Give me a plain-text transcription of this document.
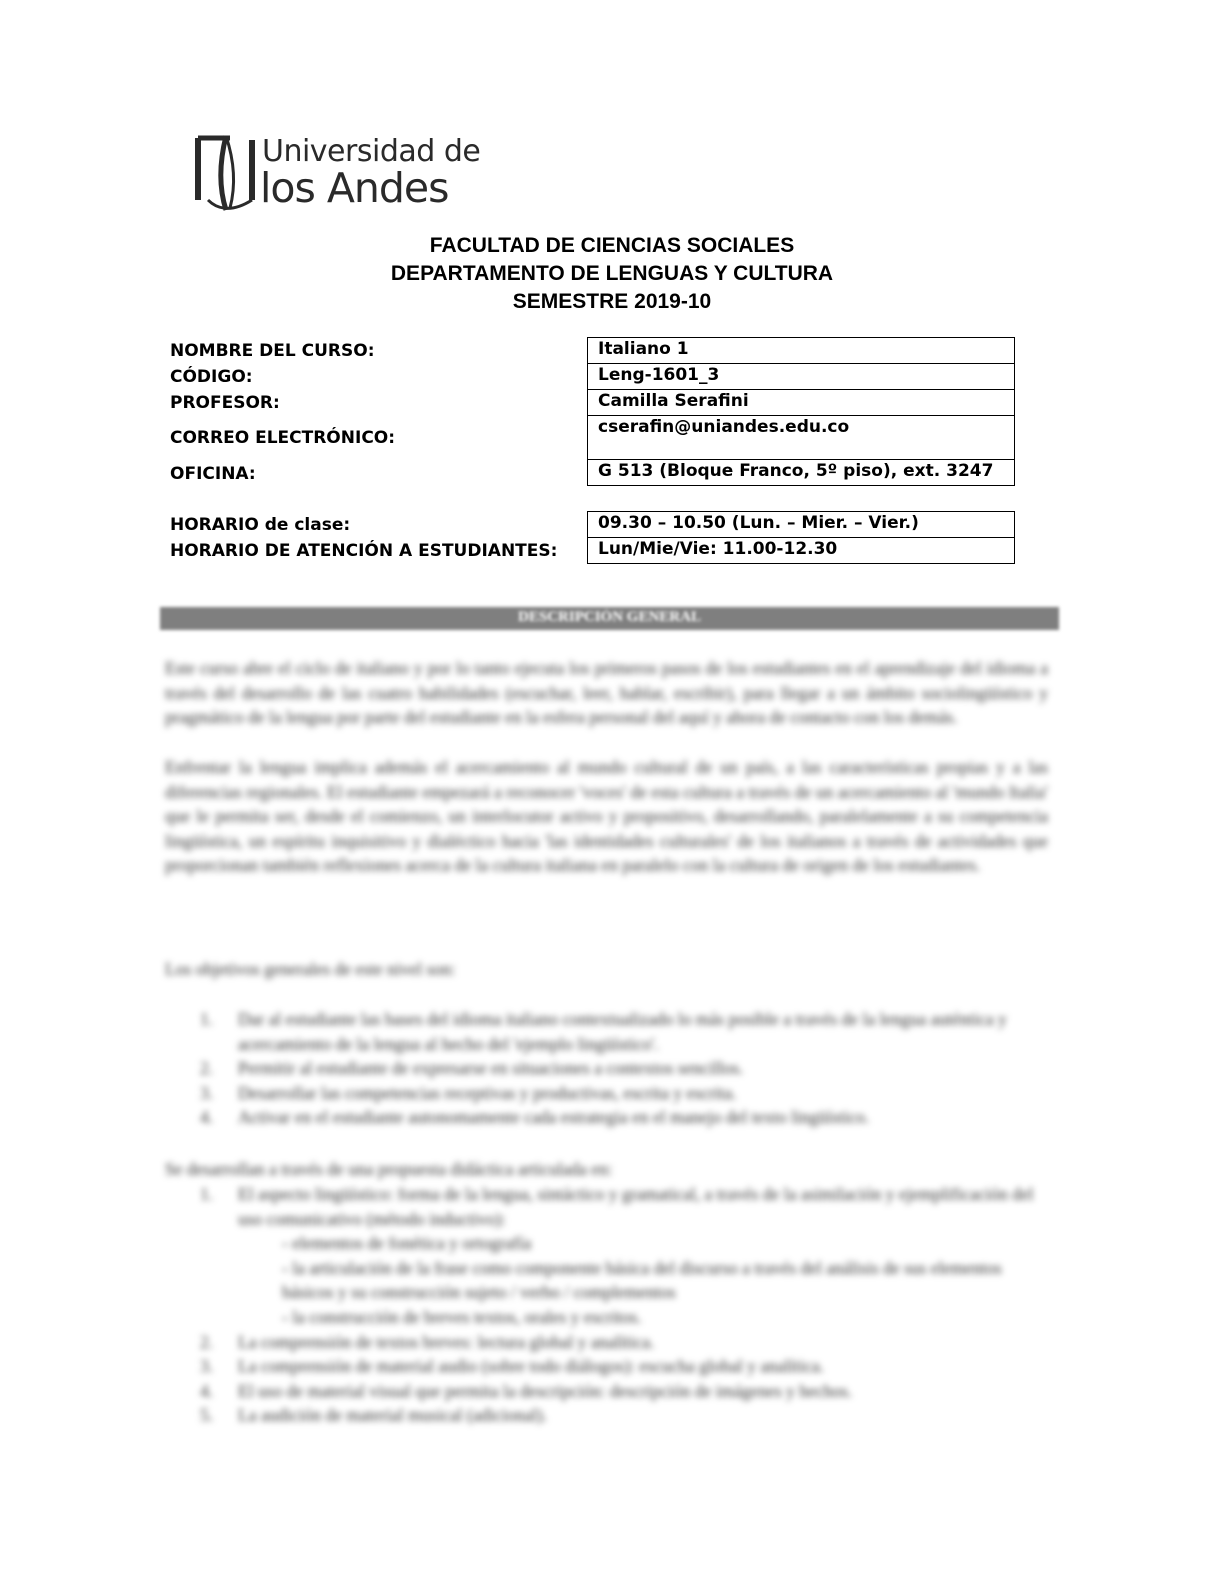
Universidad de
los Andes
FACULTAD DE CIENCIAS SOCIALES
DEPARTAMENTO DE LENGUAS Y CULTURA
SEMESTRE 2019-10
NOMBRE DEL CURSO:
CÓDIGO:
PROFESOR:
CORREO ELECTRÓNICO:
OFICINA:
HORARIO de clase:
HORARIO DE ATENCIÓN A ESTUDIANTES:
Italiano 1
Leng-1601_3
Camilla Serafini
cserafin@uniandes.edu.co
G 513 (Bloque Franco, 5º piso), ext. 3247
09.30 – 10.50 (Lun. – Mier. – Vier.)
Lun/Mie/Vie: 11.00-12.30
DESCRIPCIÓN GENERAL
Este curso abre el ciclo de italiano y por lo tanto ejecuta los primeros pasos de los estudiantes en el aprendizaje del idioma a través del desarrollo de las cuatro habilidades (escuchar, leer, hablar, escribir), para llegar a un ámbito sociolingüístico y pragmático de la lengua por parte del estudiante en la esfera personal del aquí y ahora de contacto con los demás.
Enfrentar la lengua implica además el acercamiento al mundo cultural de un país, a las características propias y a las diferencias regionales. El estudiante empezará a reconocer 'voces' de esta cultura a través de un acercamiento al 'mundo Italia' que le permita ser, desde el comienzo, un interlocutor activo y propositivo, desarrollando, paralelamente a su competencia lingüística, un espíritu inquisitivo y dialéctico hacia 'las identidades culturales' de los italianos a través de actividades que proporcionan también reflexiones acerca de la cultura italiana en paralelo con la cultura de origen de los estudiantes.
Los objetivos generales de este nivel son:
1. Dar al estudiante las bases del idioma italiano contextualizado lo más posible a través de la lengua auténtica y acercamiento de la lengua al hecho del 'ejemplo lingüístico'.
2. Permitir al estudiante de expresarse en situaciones a contextos sencillos.
3. Desarrollar las competencias receptivas y productivas, escrita y escrita.
4. Activar en el estudiante autonomamente cada estrategia en el manejo del texto lingüístico.
Se desarrollan a través de una propuesta didáctica articulada en:
1. El aspecto lingüístico: forma de la lengua, sintáctico y gramatical, a través de la asimilación y ejemplificación del uso comunicativo (método inductivo):
- elementos de fonética y ortografía
- la articulación de la frase como componente básica del discurso a través del análisis de sus elementos básicos y su construcción sujeto / verbo / complementos
- la construcción de breves textos, orales y escritos.
2. La comprensión de textos breves: lectura global y analítica.
3. La comprensión de material audio (sobre todo diálogos): escucha global y analítica.
4. El uso de material visual que permita la descripción: descripción de imágenes y hechos.
5. La audición de material musical (adicional).
